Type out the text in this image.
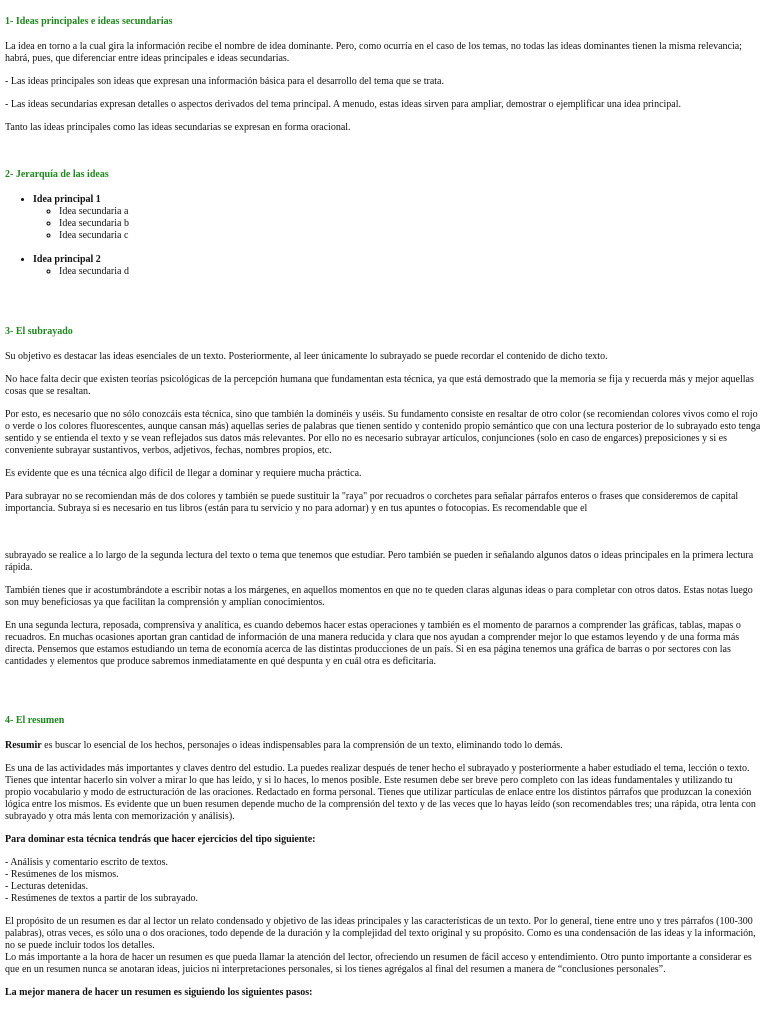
1- Ideas principales e ideas secundarias

La idea en torno a la cual gira la información recibe el nombre de idea dominante. Pero, como ocurría en el caso de los temas, no todas las ideas dominantes tienen la misma relevancia; habrá, pues, que diferenciar entre ideas principales e ideas secundarias.

- Las ideas principales son ideas que expresan una información básica para el desarrollo del tema que se trata.

- Las ideas secundarias expresan detalles o aspectos derivados del tema principal. A menudo, estas ideas sirven para ampliar, demostrar o ejemplificar una idea principal.

Tanto las ideas principales como las ideas secundarias se expresan en forma oracional.

2- Jerarquía de las ideas
• Idea principal 1
◦ Idea secundaria a
◦ Idea secundaria b
◦ Idea secundaria c
• Idea principal 2
◦ Idea secundaria d
3- El subrayado

Su objetivo es destacar las ideas esenciales de un texto. Posteriormente, al leer únicamente lo subrayado se puede recordar el contenido de dicho texto.

No hace falta decir que existen teorías psicológicas de la percepción humana que fundamentan esta técnica, ya que está demostrado que la memoria se fija y recuerda más y mejor aquellas cosas que se resaltan.

Por esto, es necesario que no sólo conozcáis esta técnica, sino que también la dominéis y uséis. Su fundamento consiste en resaltar de otro color (se recomiendan colores vivos como el rojo o verde o los colores fluorescentes, aunque cansan más) aquellas series de palabras que tienen sentido y contenido propio semántico que con una lectura posterior de lo subrayado esto tenga sentido y se entienda el texto y se vean reflejados sus datos más relevantes. Por ello no es necesario subrayar artículos, conjunciones (solo en caso de engarces) preposiciones y si es conveniente subrayar sustantivos, verbos, adjetivos, fechas, nombres propios, etc.

Es evidente que es una técnica algo difícil de llegar a dominar y requiere mucha práctica.

Para subrayar no se recomiendan más de dos colores y también se puede sustituir la "raya" por recuadros o corchetes para señalar párrafos enteros o frases que consideremos de capital importancia. Subraya si es necesario en tus libros (están para tu servicio y no para adornar) y en tus apuntes o fotocopias. Es recomendable que el

subrayado se realice a lo largo de la segunda lectura del texto o tema que tenemos que estudiar. Pero también se pueden ir señalando algunos datos o ideas principales en la primera lectura rápida.

También tienes que ir acostumbrándote a escribir notas a los márgenes, en aquellos momentos en que no te queden claras algunas ideas o para completar con otros datos. Estas notas luego son muy beneficiosas ya que facilitan la comprensión y amplían conocimientos.

En una segunda lectura, reposada, comprensiva y analítica, es cuando debemos hacer estas operaciones y también es el momento de pararnos a comprender las gráficas, tablas, mapas o recuadros. En muchas ocasiones aportan gran cantidad de información de una manera reducida y clara que nos ayudan a comprender mejor lo que estamos leyendo y de una forma más directa. Pensemos que estamos estudiando un tema de economía acerca de las distintas producciones de un país. Si en esa página tenemos una gráfica de barras o por sectores con las cantidades y elementos que produce sabremos inmediatamente en qué despunta y en cuál otra es deficitaria.

4- El resumen

Resumir es buscar lo esencial de los hechos, personajes o ideas indispensables para la comprensión de un texto, eliminando todo lo demás.

Es una de las actividades más importantes y claves dentro del estudio. La puedes realizar después de tener hecho el subrayado y posteriormente a haber estudiado el tema, lección o texto. Tienes que intentar hacerlo sin volver a mirar lo que has leído, y si lo haces, lo menos posible. Este resumen debe ser breve pero completo con las ideas fundamentales y utilizando tu propio vocabulario y modo de estructuración de las oraciones. Redactado en forma personal. Tienes que utilizar partículas de enlace entre los distintos párrafos que produzcan la conexión lógica entre los mismos. Es evidente que un buen resumen depende mucho de la comprensión del texto y de las veces que lo hayas leído (son recomendables tres; una rápida, otra lenta con subrayado y otra más lenta con memorización y análisis).

Para dominar esta técnica tendrás que hacer ejercicios del tipo siguiente:

- Análisis y comentario escrito de textos.
- Resúmenes de los mismos.
- Lecturas detenidas.
- Resúmenes de textos a partir de los subrayado.

El propósito de un resumen es dar al lector un relato condensado y objetivo de las ideas principales y las características de un texto. Por lo general, tiene entre uno y tres párrafos (100-300 palabras), otras veces, es sólo una o dos oraciones, todo depende de la duración y la complejidad del texto original y su propósito. Como es una condensación de las ideas y la información, no se puede incluir todos los detalles.
Lo más importante a la hora de hacer un resumen es que pueda llamar la atención del lector, ofreciendo un resumen de fácil acceso y entendimiento. Otro punto importante a considerar es que en un resumen nunca se anotaran ideas, juicios ni interpretaciones personales, si los tienes agrégalos al final del resumen a manera de “conclusiones personales”.

La mejor manera de hacer un resumen es siguiendo los siguientes pasos:
